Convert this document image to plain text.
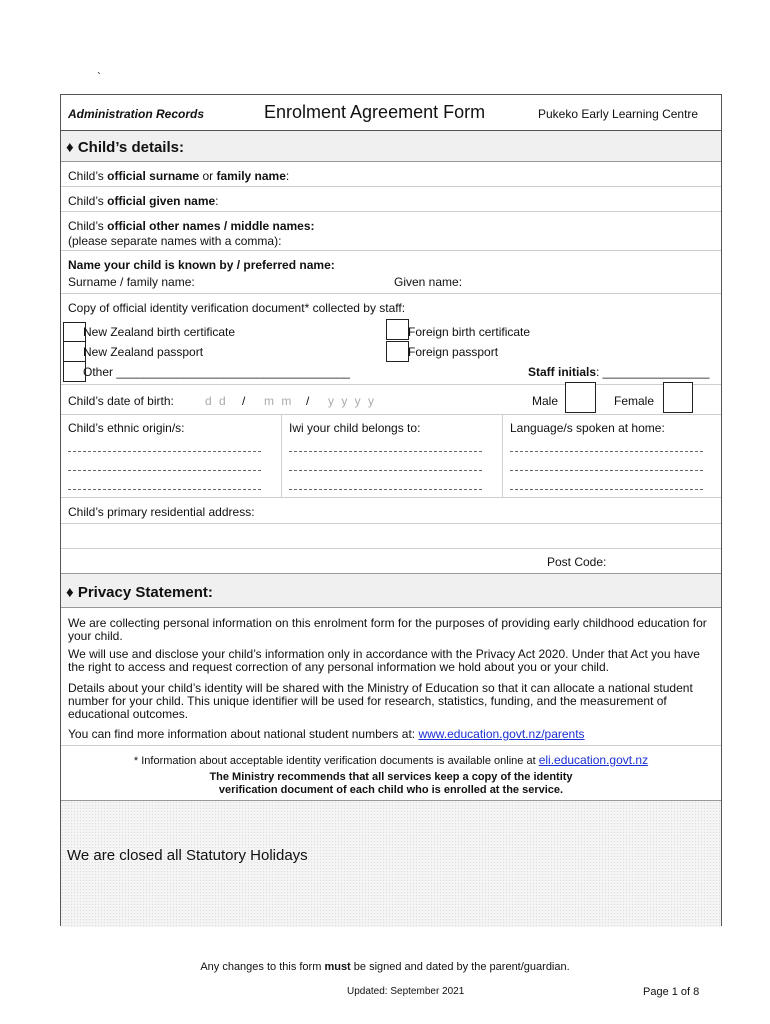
`
Administration Records	Enrolment Agreement Form	Pukeko Early Learning Centre
♦ Child’s details:
Child’s official surname or family name:
Child’s official given name:
Child’s official other names / middle names:
(please separate names with a comma):
Name your child is known by / preferred name:
Surname / family name:	Given name:
Copy of official identity verification document* collected by staff:
New Zealand birth certificate
New Zealand passport
Other ___________________________________
Foreign birth certificate
Foreign passport
Staff initials: ________________
Child’s date of birth:	d d / m m / y y y y	Male	Female
Child’s ethnic origin/s:	Iwi your child belongs to:	Language/s spoken at home:
Child’s primary residential address:
Post Code:
♦ Privacy Statement:
We are collecting personal information on this enrolment form for the purposes of providing early childhood education for your child.
We will use and disclose your child’s information only in accordance with the Privacy Act 2020. Under that Act you have the right to access and request correction of any personal information we hold about you or your child.
Details about your child’s identity will be shared with the Ministry of Education so that it can allocate a national student number for your child. This unique identifier will be used for research, statistics, funding, and the measurement of educational outcomes.
You can find more information about national student numbers at: www.education.govt.nz/parents
* Information about acceptable identity verification documents is available online at eli.education.govt.nz
The Ministry recommends that all services keep a copy of the identity
verification document of each child who is enrolled at the service.
We are closed all Statutory Holidays
Any changes to this form must be signed and dated by the parent/guardian.
Updated: September 2021	Page 1 of 8
